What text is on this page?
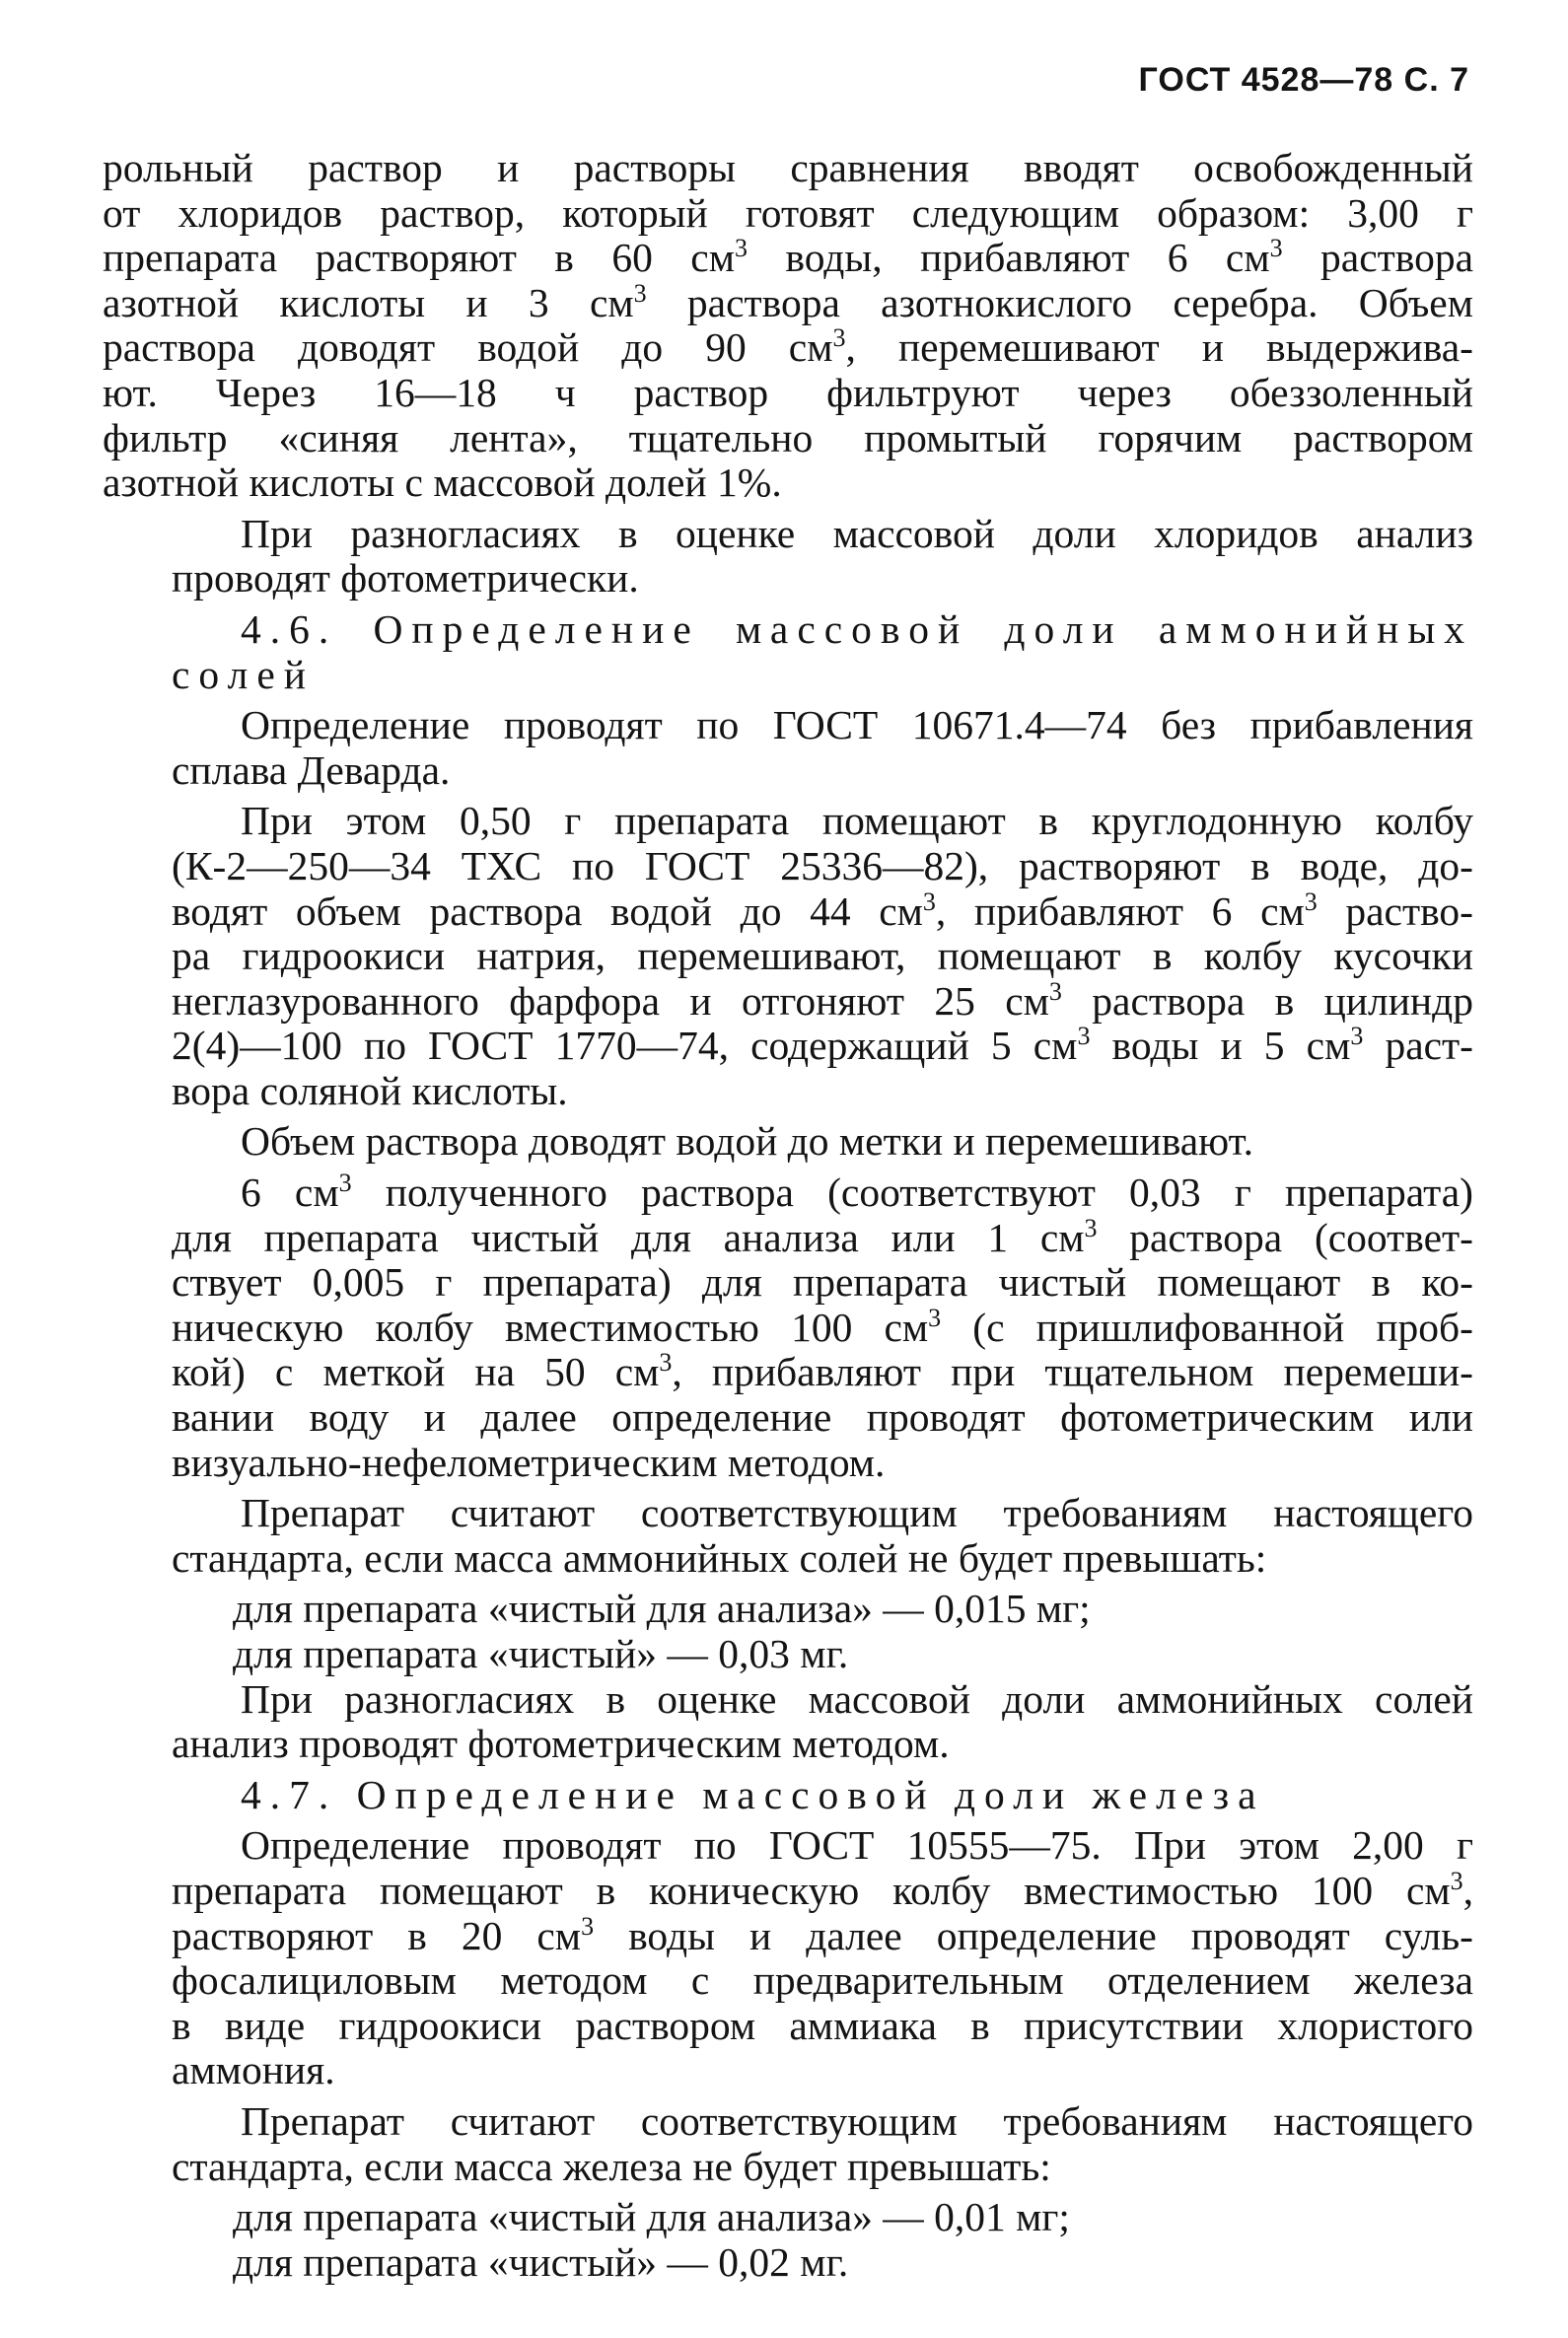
ГОСТ 4528—78 С. 7
рольный раствор и растворы сравнения вводят освобожденный
от хлоридов раствор, который готовят следующим образом: 3,00 г
препарата растворяют в 60 $см^3$ воды, прибавляют 6 $см^3$ раствора
азотной кислоты и 3 $см^3$ раствора азотнокислого серебра. Объем
раствора доводят водой до 90 $см^3$, перемешивают и выдержива-
ют. Через 16—18 ч раствор фильтруют через обеззоленный
фильтр «синяя лента», тщательно промытый горячим раствором
азотной кислоты с массовой долей 1%.
При разногласиях в оценке массовой доли хлоридов анализ
проводят фотометрически.
4.6. Определение массовой доли аммонийных
солей
Определение проводят по ГОСТ 10671.4—74 без прибавления
сплава Деварда.
При этом 0,50 г препарата помещают в круглодонную колбу
(К-2—250—34 ТХС по ГОСТ 25336—82), растворяют в воде, до-
водят объем раствора водой до 44 $см^3$, прибавляют 6 $см^3$ раство-
ра гидроокиси натрия, перемешивают, помещают в колбу кусочки
неглазурованного фарфора и отгоняют 25 $см^3$ раствора в цилиндр
2(4)—100 по ГОСТ 1770—74, содержащий 5 $см^3$ воды и 5 $см^3$ раст-
вора соляной кислоты.
Объем раствора доводят водой до метки и перемешивают.
6 $см^3$ полученного раствора (соответствуют 0,03 г препарата)
для препарата чистый для анализа или 1 $см^3$ раствора (соответ-
ствует 0,005 г препарата) для препарата чистый помещают в ко-
ническую колбу вместимостью 100 $см^3$ (с пришлифованной проб-
кой) с меткой на 50 $см^3$, прибавляют при тщательном перемеши-
вании воду и далее определение проводят фотометрическим или
визуально-нефелометрическим методом.
Препарат считают соответствующим требованиям настоящего
стандарта, если масса аммонийных солей не будет превышать:
для препарата «чистый для анализа» — 0,015 мг;
для препарата «чистый» — 0,03 мг.
При разногласиях в оценке массовой доли аммонийных солей
анализ проводят фотометрическим методом.
4.7. Определение массовой доли железа
Определение проводят по ГОСТ 10555—75. При этом 2,00 г
препарата помещают в коническую колбу вместимостью 100 $см^3$,
растворяют в 20 $см^3$ воды и далее определение проводят суль-
фосалициловым методом с предварительным отделением железа
в виде гидроокиси раствором аммиака в присутствии хлористого
аммония.
Препарат считают соответствующим требованиям настоящего
стандарта, если масса железа не будет превышать:
для препарата «чистый для анализа» — 0,01 мг;
для препарата «чистый» — 0,02 мг.
